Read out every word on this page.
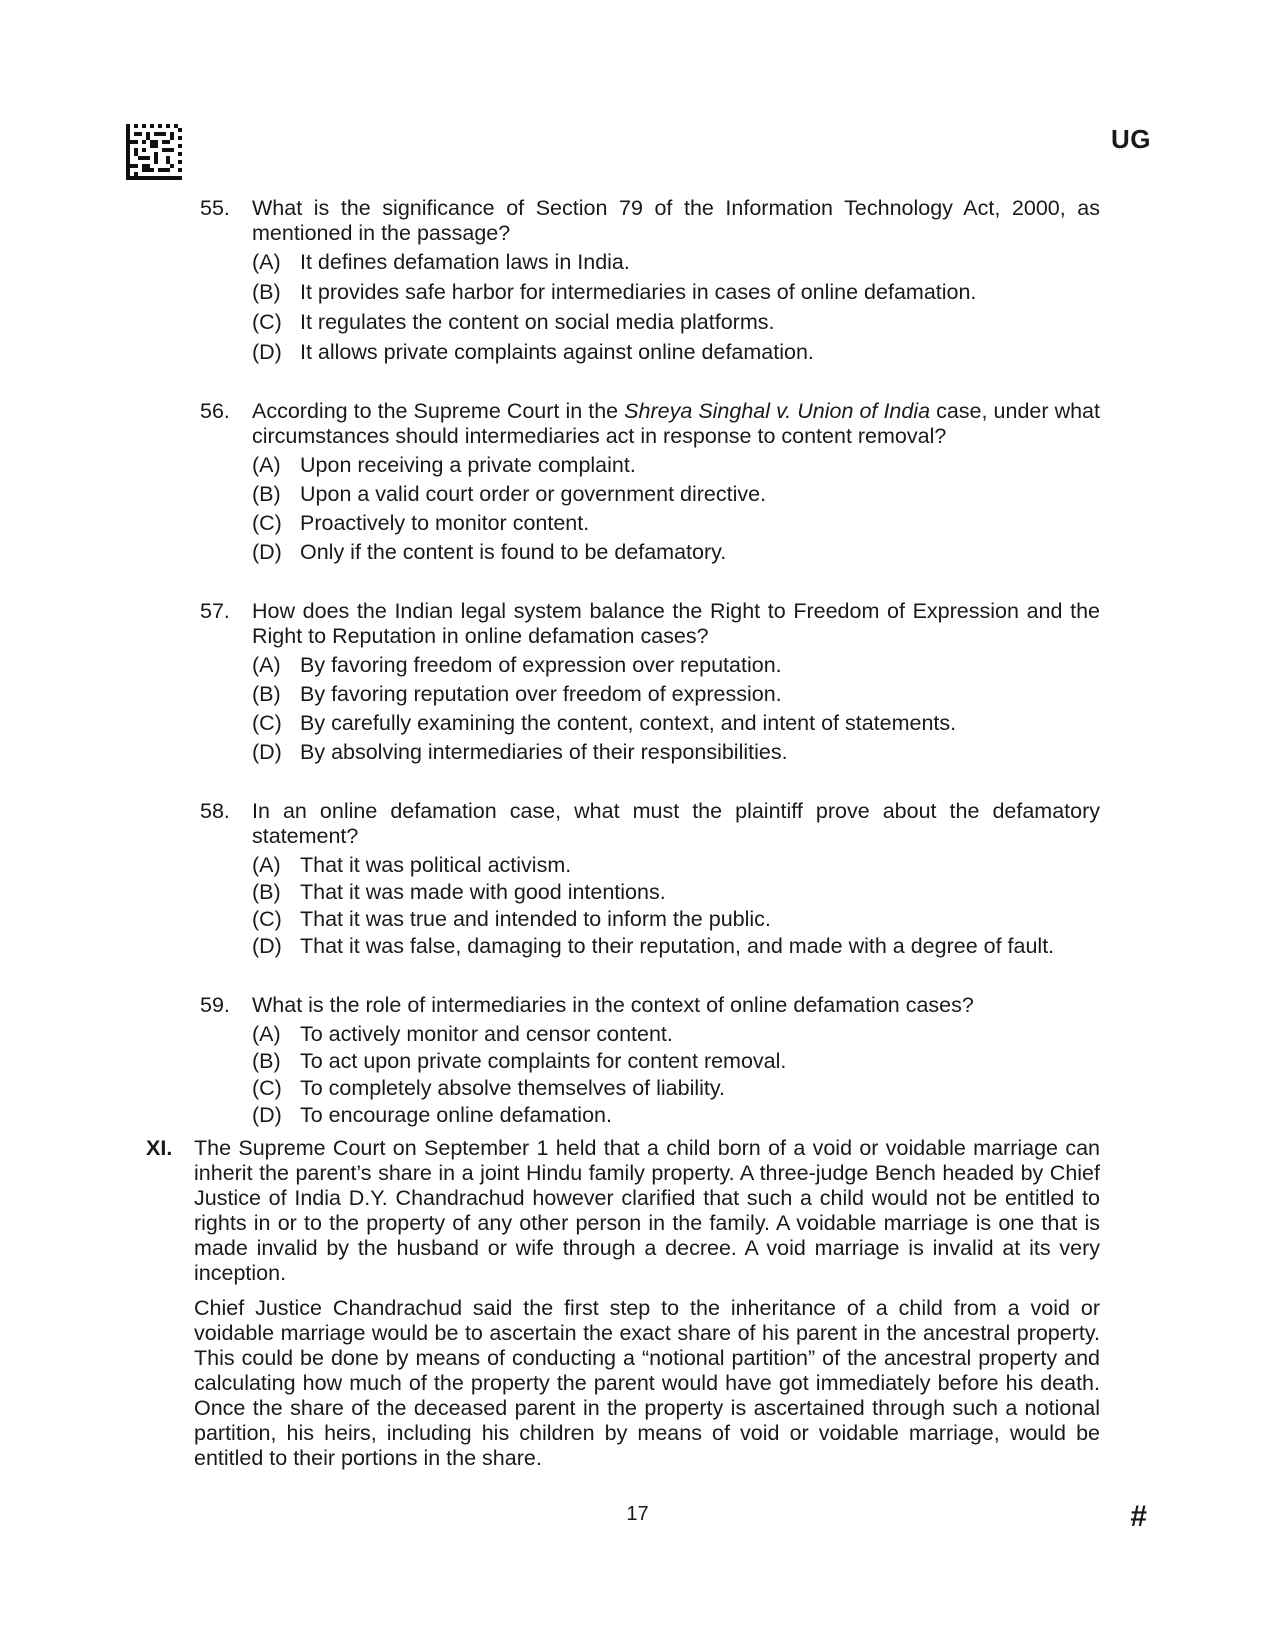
UG
55.	What is the significance of Section 79 of the Information Technology Act, 2000, as mentioned in the passage?
(A) It defines defamation laws in India.
(B) It provides safe harbor for intermediaries in cases of online defamation.
(C) It regulates the content on social media platforms.
(D) It allows private complaints against online defamation.
56.	According to the Supreme Court in the Shreya Singhal v. Union of India case, under what circumstances should intermediaries act in response to content removal?
(A) Upon receiving a private complaint.
(B) Upon a valid court order or government directive.
(C) Proactively to monitor content.
(D) Only if the content is found to be defamatory.
57.	How does the Indian legal system balance the Right to Freedom of Expression and the Right to Reputation in online defamation cases?
(A) By favoring freedom of expression over reputation.
(B) By favoring reputation over freedom of expression.
(C) By carefully examining the content, context, and intent of statements.
(D) By absolving intermediaries of their responsibilities.
58.	In an online defamation case, what must the plaintiff prove about the defamatory statement?
(A) That it was political activism.
(B) That it was made with good intentions.
(C) That it was true and intended to inform the public.
(D) That it was false, damaging to their reputation, and made with a degree of fault.
59.	What is the role of intermediaries in the context of online defamation cases?
(A) To actively monitor and censor content.
(B) To act upon private complaints for content removal.
(C) To completely absolve themselves of liability.
(D) To encourage online defamation.
XI.	The Supreme Court on September 1 held that a child born of a void or voidable marriage can inherit the parent’s share in a joint Hindu family property. A three-judge Bench headed by Chief Justice of India D.Y. Chandrachud however clarified that such a child would not be entitled to rights in or to the property of any other person in the family. A voidable marriage is one that is made invalid by the husband or wife through a decree. A void marriage is invalid at its very inception.

Chief Justice Chandrachud said the first step to the inheritance of a child from a void or voidable marriage would be to ascertain the exact share of his parent in the ancestral property. This could be done by means of conducting a “notional partition” of the ancestral property and calculating how much of the property the parent would have got immediately before his death. Once the share of the deceased parent in the property is ascertained through such a notional partition, his heirs, including his children by means of void or voidable marriage, would be entitled to their portions in the share.

17	#
